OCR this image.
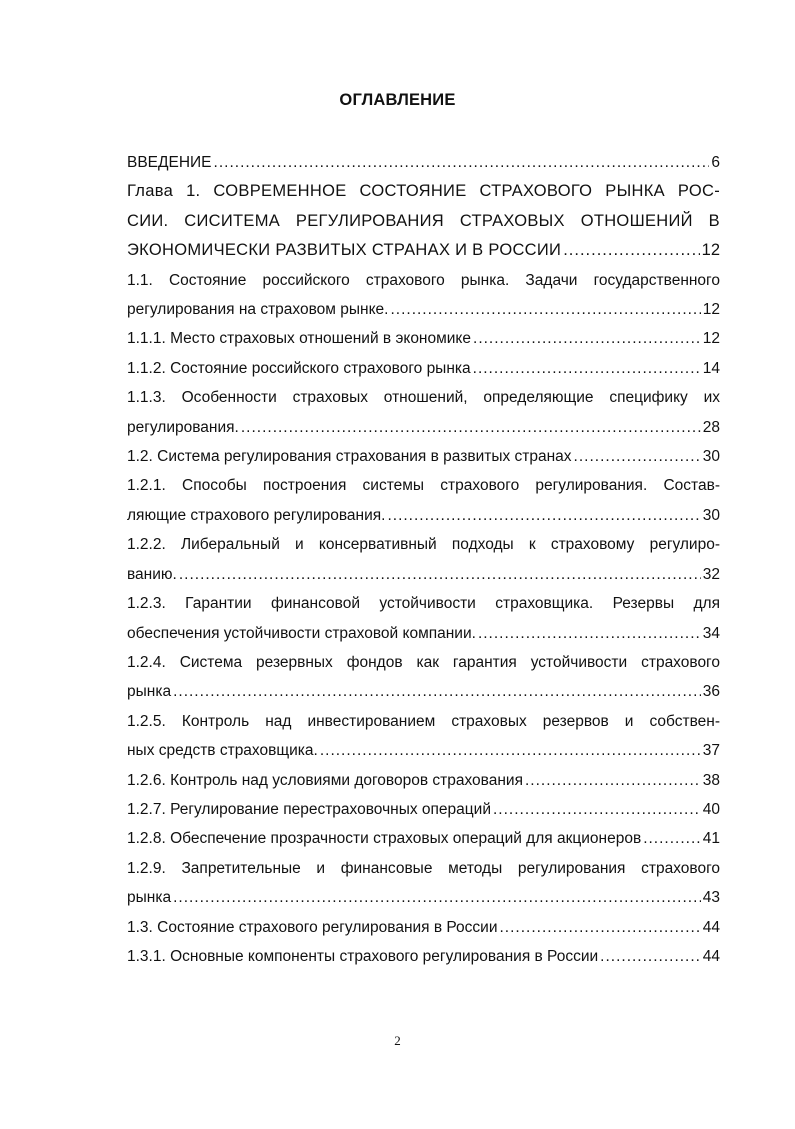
ОГЛАВЛЕНИЕ
ВВЕДЕНИЕ .....	6
Глава 1. СОВРЕМЕННОЕ СОСТОЯНИЕ СТРАХОВОГО РЫНКА РОС-
СИИ. СИСИТЕМА РЕГУЛИРОВАНИЯ СТРАХОВЫХ ОТНОШЕНИЙ В
ЭКОНОМИЧЕСКИ РАЗВИТЫХ СТРАНАХ И В РОССИИ .....	12
1.1. Состояние российского страхового рынка. Задачи государственного
регулирования на страховом рынке. .....	12
1.1.1. Место страховых отношений в экономике .....	12
1.1.2. Состояние российского страхового рынка .....	14
1.1.3. Особенности страховых отношений, определяющие специфику их
регулирования. .....	28
1.2. Система регулирования страхования в развитых странах .....	30
1.2.1. Способы построения системы страхового регулирования. Состав-
ляющие страхового регулирования. .....	30
1.2.2. Либеральный и консервативный подходы к страховому регулиро-
ванию. .....	32
1.2.3. Гарантии финансовой устойчивости страховщика. Резервы для
обеспечения устойчивости страховой компании. .....	34
1.2.4. Система резервных фондов как гарантия устойчивости страхового
рынка .....	36
1.2.5. Контроль над инвестированием страховых резервов и собствен-
ных средств страховщика. .....	37
1.2.6. Контроль над условиями договоров страхования .....	38
1.2.7. Регулирование перестраховочных операций .....	40
1.2.8. Обеспечение прозрачности страховых операций для акционеров .....	41
1.2.9. Запретительные и финансовые методы регулирования страхового
рынка .....	43
1.3. Состояние страхового регулирования в России .....	44
1.3.1. Основные компоненты страхового регулирования в России .....	44
2
